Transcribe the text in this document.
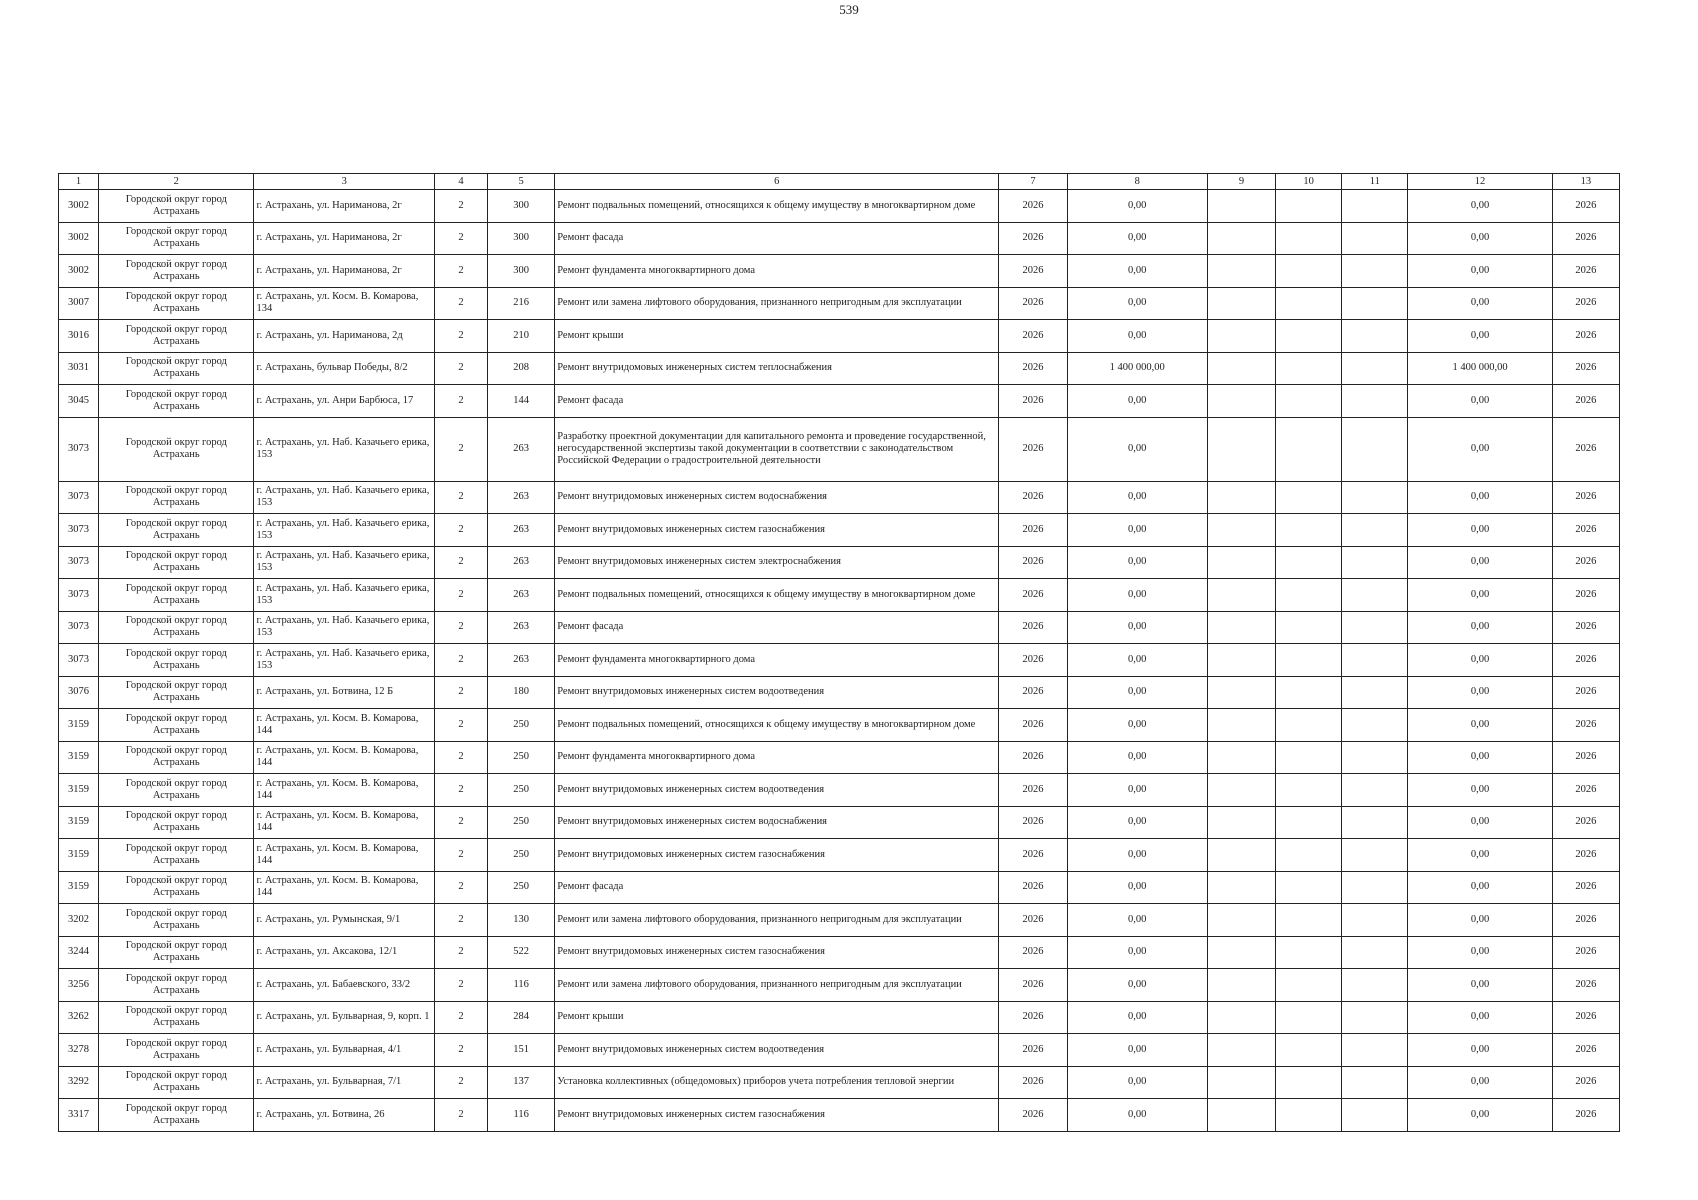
539
1	2	3	4	5	6	7	8	9	10	11	12	13
3002	Городской округ город Астрахань	г. Астрахань, ул. Нариманова, 2г	2	300	Ремонт подвальных помещений, относящихся к общему имуществу в многоквартирном доме	2026	0,00				0,00	2026
3002	Городской округ город Астрахань	г. Астрахань, ул. Нариманова, 2г	2	300	Ремонт фасада	2026	0,00				0,00	2026
3002	Городской округ город Астрахань	г. Астрахань, ул. Нариманова, 2г	2	300	Ремонт фундамента многоквартирного дома	2026	0,00				0,00	2026
3007	Городской округ город Астрахань	г. Астрахань, ул. Косм. В. Комарова, 134	2	216	Ремонт или замена лифтового оборудования, признанного непригодным для эксплуатации	2026	0,00				0,00	2026
3016	Городской округ город Астрахань	г. Астрахань, ул. Нариманова, 2д	2	210	Ремонт крыши	2026	0,00				0,00	2026
3031	Городской округ город Астрахань	г. Астрахань, бульвар Победы, 8/2	2	208	Ремонт внутридомовых инженерных систем теплоснабжения	2026	1 400 000,00				1 400 000,00	2026
3045	Городской округ город Астрахань	г. Астрахань, ул. Анри Барбюса, 17	2	144	Ремонт фасада	2026	0,00				0,00	2026
3073	Городской округ город Астрахань	г. Астрахань, ул. Наб. Казачьего ерика, 153	2	263	Разработку проектной документации для капитального ремонта и проведение государственной, негосударственной экспертизы такой документации в соответствии с законодательством Российской Федерации о градостроительной деятельности	2026	0,00				0,00	2026
3073	Городской округ город Астрахань	г. Астрахань, ул. Наб. Казачьего ерика, 153	2	263	Ремонт внутридомовых инженерных систем водоснабжения	2026	0,00				0,00	2026
3073	Городской округ город Астрахань	г. Астрахань, ул. Наб. Казачьего ерика, 153	2	263	Ремонт внутридомовых инженерных систем газоснабжения	2026	0,00				0,00	2026
3073	Городской округ город Астрахань	г. Астрахань, ул. Наб. Казачьего ерика, 153	2	263	Ремонт внутридомовых инженерных систем электроснабжения	2026	0,00				0,00	2026
3073	Городской округ город Астрахань	г. Астрахань, ул. Наб. Казачьего ерика, 153	2	263	Ремонт подвальных помещений, относящихся к общему имуществу в многоквартирном доме	2026	0,00				0,00	2026
3073	Городской округ город Астрахань	г. Астрахань, ул. Наб. Казачьего ерика, 153	2	263	Ремонт фасада	2026	0,00				0,00	2026
3073	Городской округ город Астрахань	г. Астрахань, ул. Наб. Казачьего ерика, 153	2	263	Ремонт фундамента многоквартирного дома	2026	0,00				0,00	2026
3076	Городской округ город Астрахань	г. Астрахань, ул. Ботвина, 12 Б	2	180	Ремонт внутридомовых инженерных систем водоотведения	2026	0,00				0,00	2026
3159	Городской округ город Астрахань	г. Астрахань, ул. Косм. В. Комарова, 144	2	250	Ремонт подвальных помещений, относящихся к общему имуществу в многоквартирном доме	2026	0,00				0,00	2026
3159	Городской округ город Астрахань	г. Астрахань, ул. Косм. В. Комарова, 144	2	250	Ремонт фундамента многоквартирного дома	2026	0,00				0,00	2026
3159	Городской округ город Астрахань	г. Астрахань, ул. Косм. В. Комарова, 144	2	250	Ремонт внутридомовых инженерных систем водоотведения	2026	0,00				0,00	2026
3159	Городской округ город Астрахань	г. Астрахань, ул. Косм. В. Комарова, 144	2	250	Ремонт внутридомовых инженерных систем водоснабжения	2026	0,00				0,00	2026
3159	Городской округ город Астрахань	г. Астрахань, ул. Косм. В. Комарова, 144	2	250	Ремонт внутридомовых инженерных систем газоснабжения	2026	0,00				0,00	2026
3159	Городской округ город Астрахань	г. Астрахань, ул. Косм. В. Комарова, 144	2	250	Ремонт фасада	2026	0,00				0,00	2026
3202	Городской округ город Астрахань	г. Астрахань, ул. Румынская, 9/1	2	130	Ремонт или замена лифтового оборудования, признанного непригодным для эксплуатации	2026	0,00				0,00	2026
3244	Городской округ город Астрахань	г. Астрахань, ул. Аксакова, 12/1	2	522	Ремонт внутридомовых инженерных систем газоснабжения	2026	0,00				0,00	2026
3256	Городской округ город Астрахань	г. Астрахань, ул. Бабаевского, 33/2	2	116	Ремонт или замена лифтового оборудования, признанного непригодным для эксплуатации	2026	0,00				0,00	2026
3262	Городской округ город Астрахань	г. Астрахань, ул. Бульварная, 9, корп. 1	2	284	Ремонт крыши	2026	0,00				0,00	2026
3278	Городской округ город Астрахань	г. Астрахань, ул. Бульварная, 4/1	2	151	Ремонт внутридомовых инженерных систем водоотведения	2026	0,00				0,00	2026
3292	Городской округ город Астрахань	г. Астрахань, ул. Бульварная, 7/1	2	137	Установка коллективных (общедомовых) приборов учета потребления тепловой энергии	2026	0,00				0,00	2026
3317	Городской округ город Астрахань	г. Астрахань, ул. Ботвина, 26	2	116	Ремонт внутридомовых инженерных систем газоснабжения	2026	0,00				0,00	2026
